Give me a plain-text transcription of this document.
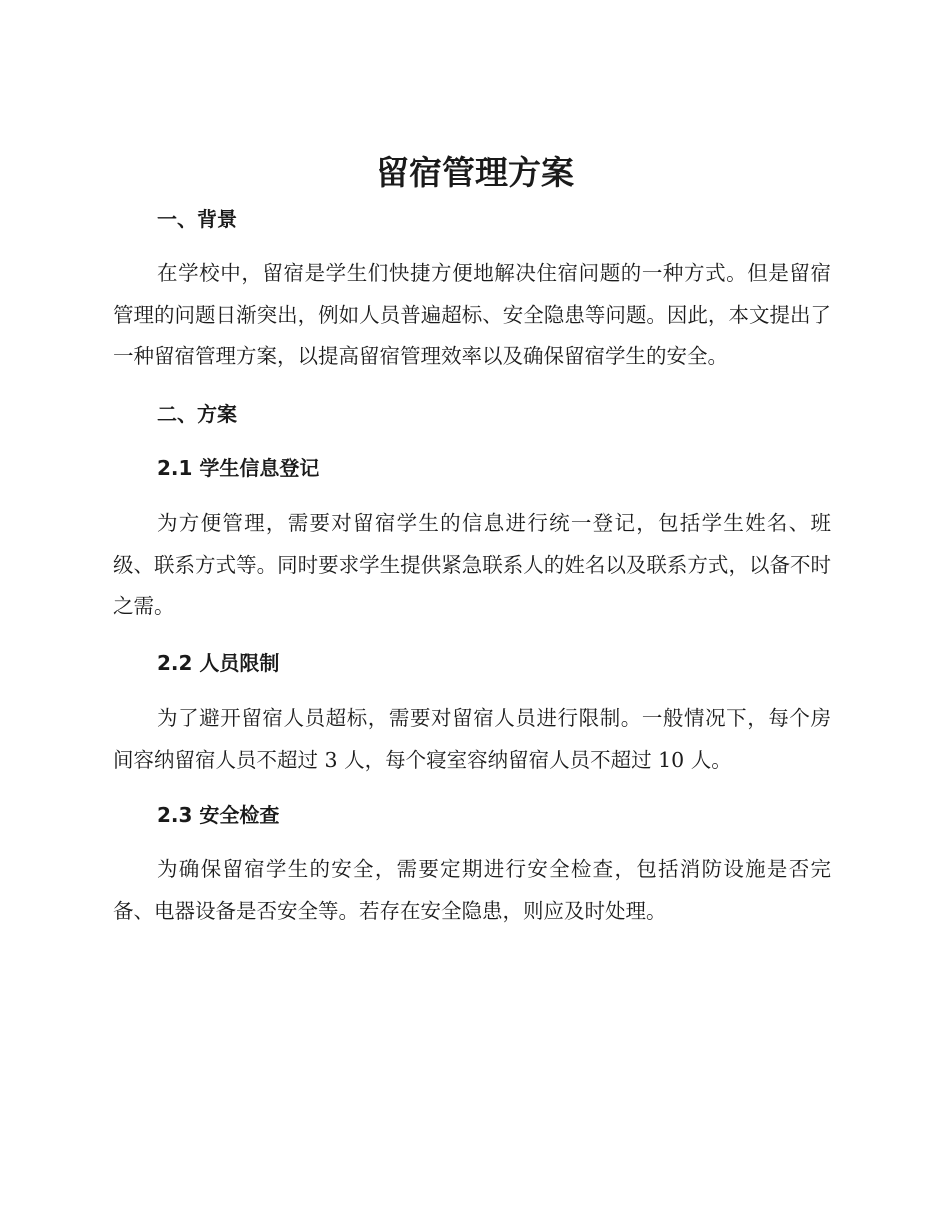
留宿管理方案
一、背景

在学校中，留宿是学生们快捷方便地解决住宿问题的一种方式。但是留宿管理的问题日渐突出，例如人员普遍超标、安全隐患等问题。因此，本文提出了一种留宿管理方案，以提高留宿管理效率以及确保留宿学生的安全。

二、方案
2.1 学生信息登记

为方便管理，需要对留宿学生的信息进行统一登记，包括学生姓名、班级、联系方式等。同时要求学生提供紧急联系人的姓名以及联系方式，以备不时之需。

2.2 人员限制

为了避开留宿人员超标，需要对留宿人员进行限制。一般情况下，每个房间容纳留宿人员不超过 3 人，每个寝室容纳留宿人员不超过 10 人。

2.3 安全检查

为确保留宿学生的安全，需要定期进行安全检查，包括消防设施是否完备、电器设备是否安全等。若存在安全隐患，则应及时处理。
